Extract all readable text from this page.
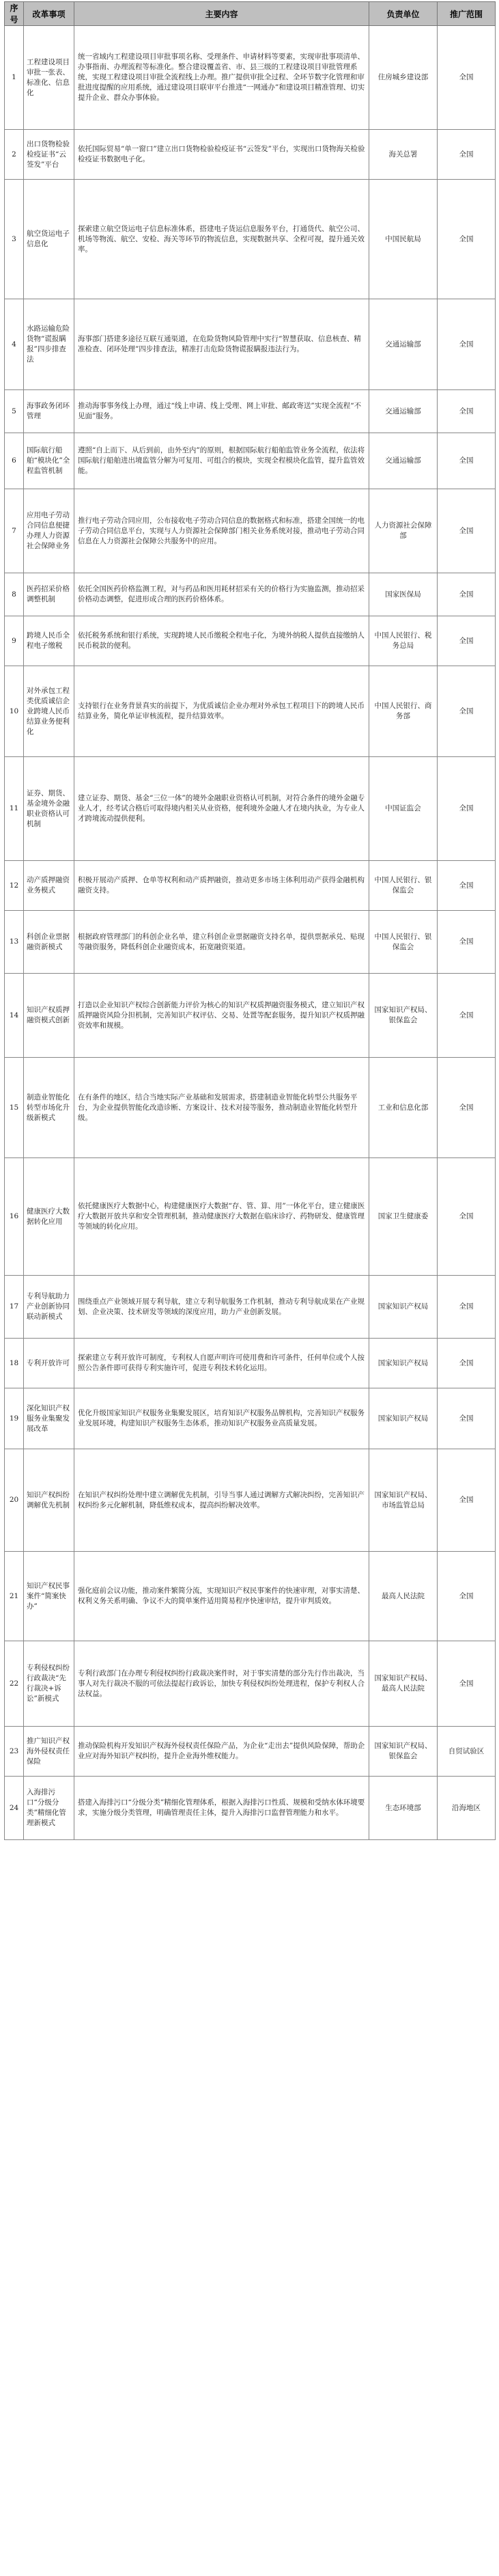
序号	改革事项	主要内容	负责单位	推广范围
1	工程建设项目审批一张表、标准化、信息化	统一省域内工程建设项目审批事项名称、受理条件、申请材料等要素，实现审批事项清单、办事指南、办理流程等标准化。整合建设覆盖省、市、县三级的工程建设项目审批管理系统，实现工程建设项目审批全流程线上办理。推广提供审批全过程、全环节数字化管理和审批进度提醒的应用系统，通过建设项目联审平台推进“一网通办”和建设项目精准管理、切实提升企业、群众办事体验。	住房城乡建设部	全国
2	出口货物检验检疫证书“云签发”平台	依托国际贸易“单一窗口”建立出口货物检验检疫证书“云签发”平台，实现出口货物海关检验检疫证书数据电子化。	海关总署	全国
3	航空货运电子信息化	探索建立航空货运电子信息标准体系，搭建电子货运信息服务平台，打通货代、航空公司、机场等物流、航空、安检、海关等环节的物流信息，实现数据共享、全程可视，提升通关效率。	中国民航局	全国
4	水路运输危险货物“谎报瞒报”四步排查法	海事部门搭建多途径互联互通渠道，在危险货物风险管理中实行“智慧获取、信息核查、精准检查、闭环处理”四步排查法，精准打击危险货物谎报瞒报违法行为。	交通运输部	全国
5	海事政务闭环管理	推动海事事务线上办理，通过“线上申请、线上受理、网上审批、邮政寄送”实现全流程“不见面”服务。	交通运输部	全国
6	国际航行船舶“模块化”全程监管机制	遵照“自上而下、从后到前，由外至内”的原则，根据国际航行船舶监管业务全流程，依法将国际航行船舶进出境监管分解为可复用、可组合的模块，实现全程模块化监管，提升监管效能。	交通运输部	全国
7	应用电子劳动合同信息便捷办理人力资源社会保障业务	推行电子劳动合同应用，公布接收电子劳动合同信息的数据格式和标准，搭建全国统一的电子劳动合同信息平台，实现与人力资源社会保障部门相关业务系统对接，推动电子劳动合同信息在人力资源社会保障公共服务中的应用。	人力资源社会保障部	全国
8	医药招采价格调整机制	依托全国医药价格监测工程，对与药品和医用耗材招采有关的价格行为实施监测，推动招采价格动态调整，促进形成合理的医药价格体系。	国家医保局	全国
9	跨境人民币全程电子缴税	依托税务系统和银行系统，实现跨境人民币缴税全程电子化，为境外纳税人提供直接缴纳人民币税款的便利。	中国人民银行、税务总局	全国
10	对外承包工程类优质诚信企业跨境人民币结算业务便利化	支持银行在业务背景真实的前提下，为优质诚信企业办理对外承包工程项目下的跨境人民币结算业务，简化单证审核流程，提升结算效率。	中国人民银行、商务部	全国
11	证券、期货、基金境外金融职业资格认可机制	建立证券、期货、基金“三位一体”的境外金融职业资格认可机制，对符合条件的境外金融专业人才，经考试合格后可取得境内相关从业资格，便利境外金融人才在境内执业，为专业人才跨境流动提供便利。	中国证监会	全国
12	动产质押融资业务模式	积极开展动产质押、仓单等权利和动产质押融资，推动更多市场主体利用动产获得金融机构融资支持。	中国人民银行、银保监会	全国
13	科创企业票据融资新模式	根据政府管理部门的科创企业名单，建立科创企业票据融资支持名单，提供票据承兑、贴现等融资服务，降低科创企业融资成本，拓宽融资渠道。	中国人民银行、银保监会	全国
14	知识产权质押融资模式创新	打造以企业知识产权综合创新能力评价为核心的知识产权质押融资服务模式，建立知识产权质押融资风险分担机制，完善知识产权评估、交易、处置等配套服务，提升知识产权质押融资效率和规模。	国家知识产权局、银保监会	全国
15	制造业智能化转型市场化升级新模式	在有条件的地区，结合当地实际产业基础和发展需求，搭建制造业智能化转型公共服务平台，为企业提供智能化改造诊断、方案设计、技术对接等服务，推动制造业智能化转型升级。	工业和信息化部	全国
16	健康医疗大数据转化应用	依托健康医疗大数据中心，构建健康医疗大数据“存、管、算、用”一体化平台，建立健康医疗大数据开放共享和安全管理机制，推动健康医疗大数据在临床诊疗、药物研发、健康管理等领域的转化应用。	国家卫生健康委	全国
17	专利导航助力产业创新协同联动新模式	围绕重点产业领域开展专利导航，建立专利导航服务工作机制，推动专利导航成果在产业规划、企业决策、技术研发等领域的深度应用，助力产业创新发展。	国家知识产权局	全国
18	专利开放许可	探索建立专利开放许可制度，专利权人自愿声明许可使用费和许可条件，任何单位或个人按照公告条件即可获得专利实施许可，促进专利技术转化运用。	国家知识产权局	全国
19	深化知识产权服务业集聚发展改革	优化升级国家知识产权服务业集聚发展区，培育知识产权服务品牌机构，完善知识产权服务业发展环境，构建知识产权服务生态体系，推动知识产权服务业高质量发展。	国家知识产权局	全国
20	知识产权纠纷调解优先机制	在知识产权纠纷处理中建立调解优先机制，引导当事人通过调解方式解决纠纷，完善知识产权纠纷多元化解机制，降低维权成本，提高纠纷解决效率。	国家知识产权局、市场监管总局	全国
21	知识产权民事案件“简案快办”	强化庭前会议功能，推动案件繁简分流，实现知识产权民事案件的快速审理，对事实清楚、权利义务关系明确、争议不大的简单案件适用简易程序快速审结，提升审判质效。	最高人民法院	全国
22	专利侵权纠纷行政裁决“先行裁决+诉讼”新模式	专利行政部门在办理专利侵权纠纷行政裁决案件时，对于事实清楚的部分先行作出裁决，当事人对先行裁决不服的可依法提起行政诉讼，加快专利侵权纠纷处理进程，保护专利权人合法权益。	国家知识产权局、最高人民法院	全国
23	推广知识产权海外侵权责任保险	推动保险机构开发知识产权海外侵权责任保险产品，为企业“走出去”提供风险保障，帮助企业应对海外知识产权纠纷，提升企业海外维权能力。	国家知识产权局、银保监会	自贸试验区
24	入海排污口“分级分类”精细化管理新模式	搭建入海排污口“分级分类”精细化管理体系，根据入海排污口性质、规模和受纳水体环境要求，实施分级分类管理，明确管理责任主体，提升入海排污口监督管理能力和水平。	生态环境部	沿海地区
